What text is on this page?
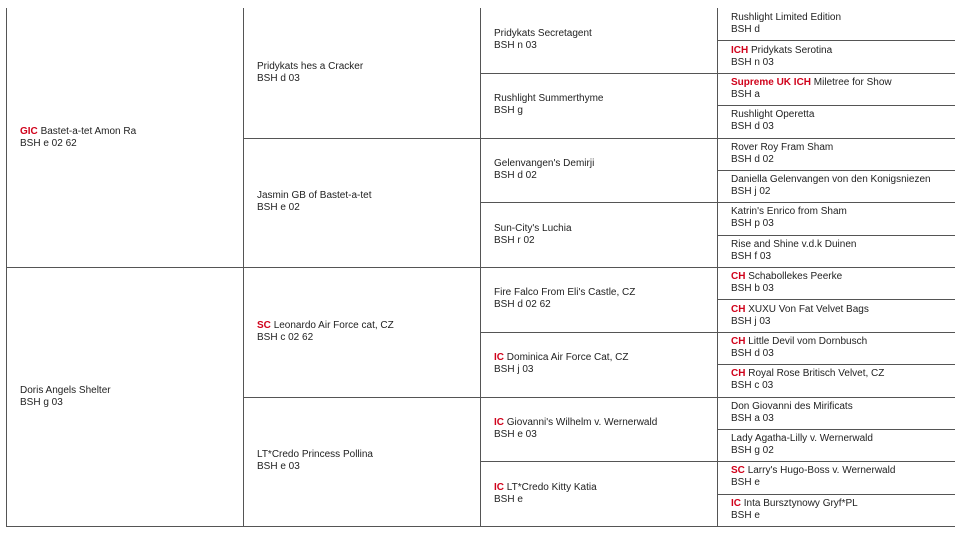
GIC Bastet-a-tet Amon Ra
BSH e 02 62
Doris Angels Shelter
BSH g 03
Pridykats hes a Cracker
BSH d 03
Jasmin GB of Bastet-a-tet
BSH e 02
SC Leonardo Air Force cat, CZ
BSH c 02 62
LT*Credo Princess Pollina
BSH e 03
Pridykats Secretagent
BSH n 03
Rushlight Summerthyme
BSH g
Gelenvangen's Demirji
BSH d 02
Sun-City's Luchia
BSH r 02
Fire Falco From Eli's Castle, CZ
BSH d 02 62
IC Dominica Air Force Cat, CZ
BSH j 03
IC Giovanni's Wilhelm v. Wernerwald
BSH e 03
IC LT*Credo Kitty Katia
BSH e
Rushlight Limited Edition
BSH d
ICH Pridykats Serotina
BSH n 03
Supreme UK ICH Miletree for Show
BSH a
Rushlight Operetta
BSH d 03
Rover Roy Fram Sham
BSH d 02
Daniella Gelenvangen von den Konigsniezen
BSH j 02
Katrin's Enrico from Sham
BSH p 03
Rise and Shine v.d.k Duinen
BSH f 03
CH Schabollekes Peerke
BSH b 03
CH XUXU Von Fat Velvet Bags
BSH j 03
CH Little Devil vom Dornbusch
BSH d 03
CH Royal Rose Britisch Velvet, CZ
BSH c 03
Don Giovanni des Mirificats
BSH a 03
Lady Agatha-Lilly v. Wernerwald
BSH g 02
SC Larry's Hugo-Boss v. Wernerwald
BSH e
IC Inta Bursztynowy Gryf*PL
BSH e
